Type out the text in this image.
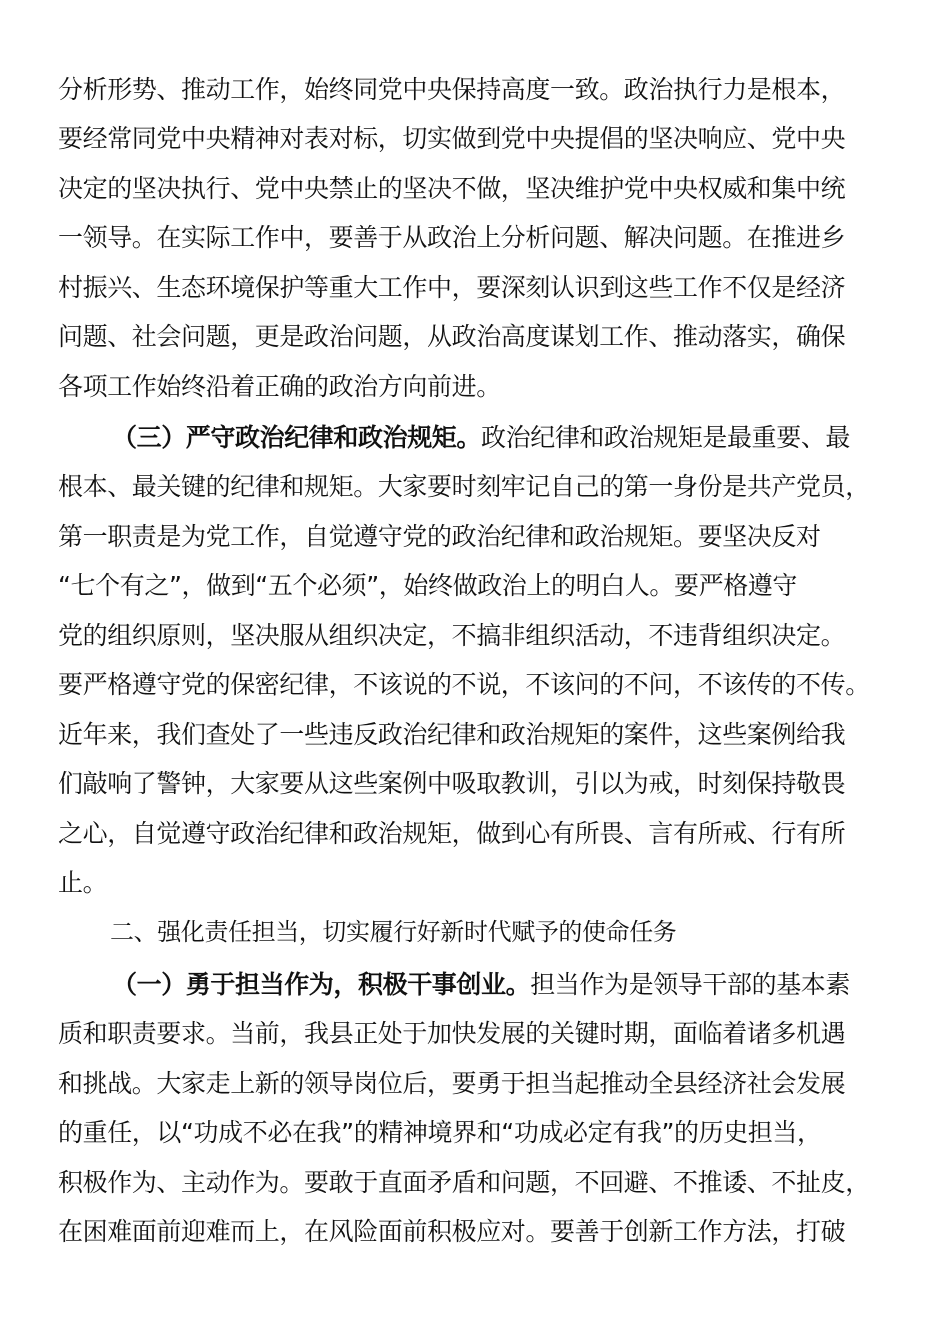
分析形势、推动工作，始终同党中央保持高度一致。政治执行力是根本，
要经常同党中央精神对表对标，切实做到党中央提倡的坚决响应、党中央
决定的坚决执行、党中央禁止的坚决不做，坚决维护党中央权威和集中统
一领导。在实际工作中，要善于从政治上分析问题、解决问题。在推进乡
村振兴、生态环境保护等重大工作中，要深刻认识到这些工作不仅是经济
问题、社会问题，更是政治问题，从政治高度谋划工作、推动落实，确保
各项工作始终沿着正确的政治方向前进。
（三）严守政治纪律和政治规矩。政治纪律和政治规矩是最重要、最
根本、最关键的纪律和规矩。大家要时刻牢记自己的第一身份是共产党员，
第一职责是为党工作，自觉遵守党的政治纪律和政治规矩。要坚决反对
“七个有之”，做到“五个必须”，始终做政治上的明白人。要严格遵守
党的组织原则，坚决服从组织决定，不搞非组织活动，不违背组织决定。
要严格遵守党的保密纪律，不该说的不说，不该问的不问，不该传的不传。
近年来，我们查处了一些违反政治纪律和政治规矩的案件，这些案例给我
们敲响了警钟，大家要从这些案例中吸取教训，引以为戒，时刻保持敬畏
之心，自觉遵守政治纪律和政治规矩，做到心有所畏、言有所戒、行有所
止。
二、强化责任担当，切实履行好新时代赋予的使命任务
（一）勇于担当作为，积极干事创业。担当作为是领导干部的基本素
质和职责要求。当前，我县正处于加快发展的关键时期，面临着诸多机遇
和挑战。大家走上新的领导岗位后，要勇于担当起推动全县经济社会发展
的重任，以“功成不必在我”的精神境界和“功成必定有我”的历史担当，
积极作为、主动作为。要敢于直面矛盾和问题，不回避、不推诿、不扯皮，
在困难面前迎难而上，在风险面前积极应对。要善于创新工作方法，打破
